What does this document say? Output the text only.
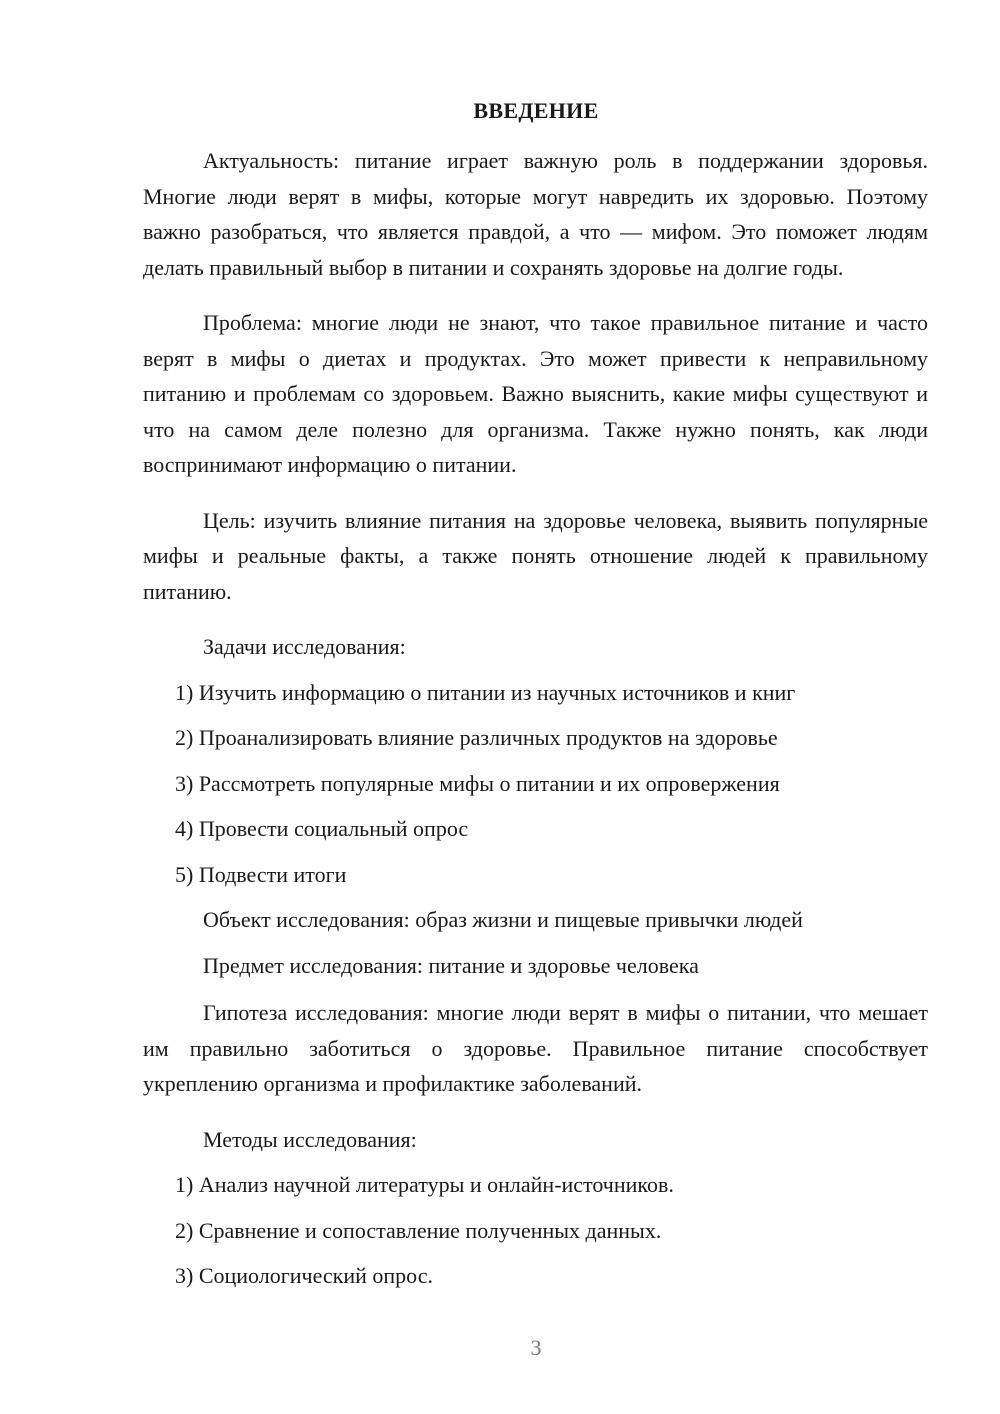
ВВЕДЕНИЕ

Актуальность: питание играет важную роль в поддержании здоровья. Многие люди верят в мифы, которые могут навредить их здоровью. Поэтому важно разобраться, что является правдой, а что — мифом. Это поможет людям делать правильный выбор в питании и сохранять здоровье на долгие годы.

Проблема: многие люди не знают, что такое правильное питание и часто верят в мифы о диетах и продуктах. Это может привести к неправильному питанию и проблемам со здоровьем. Важно выяснить, какие мифы существуют и что на самом деле полезно для организма. Также нужно понять, как люди воспринимают информацию о питании.

Цель: изучить влияние питания на здоровье человека, выявить популярные мифы и реальные факты, а также понять отношение людей к правильному питанию.

Задачи исследования:
1) Изучить информацию о питании из научных источников и книг
2) Проанализировать влияние различных продуктов на здоровье
3) Рассмотреть популярные мифы о питании и их опровержения
4) Провести социальный опрос
5) Подвести итоги
Объект исследования: образ жизни и пищевые привычки людей
Предмет исследования: питание и здоровье человека

Гипотеза исследования: многие люди верят в мифы о питании, что мешает им правильно заботиться о здоровье. Правильное питание способствует укреплению организма и профилактике заболеваний.

Методы исследования:
1) Анализ научной литературы и онлайн-источников.
2) Сравнение и сопоставление полученных данных.
3) Социологический опрос.
3
